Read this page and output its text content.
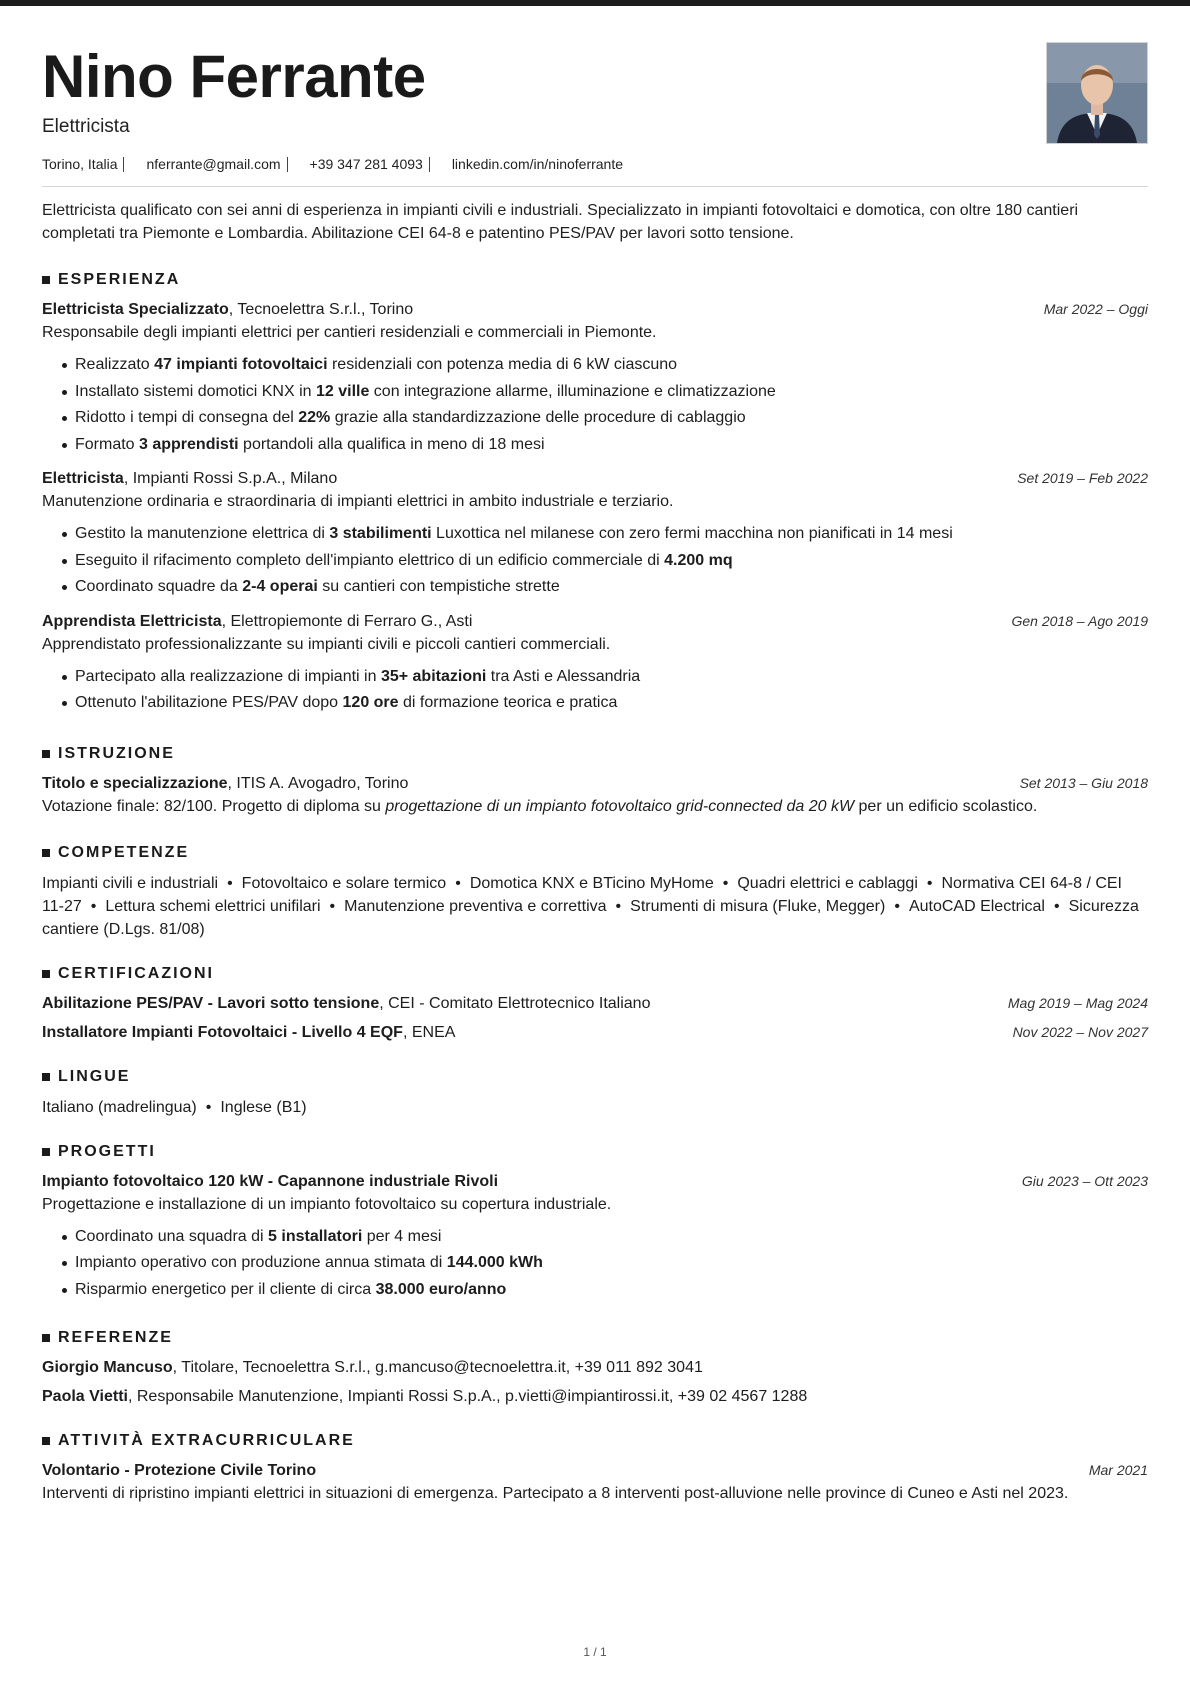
Nino Ferrante
Elettricista
Torino, Italia nferrante@gmail.com +39 347 281 4093 linkedin.com/in/ninoferrante
Elettricista qualificato con sei anni di esperienza in impianti civili e industriali. Specializzato in impianti fotovoltaici e domotica, con oltre 180 cantieri completati tra Piemonte e Lombardia. Abilitazione CEI 64-8 e patentino PES/PAV per lavori sotto tensione.
ESPERIENZA
Elettricista Specializzato, Tecnoelettra S.r.l., Torino	Mar 2022 – Oggi
Responsabile degli impianti elettrici per cantieri residenziali e commerciali in Piemonte.
Realizzato 47 impianti fotovoltaici residenziali con potenza media di 6 kW ciascuno
Installato sistemi domotici KNX in 12 ville con integrazione allarme, illuminazione e climatizzazione
Ridotto i tempi di consegna del 22% grazie alla standardizzazione delle procedure di cablaggio
Formato 3 apprendisti portandoli alla qualifica in meno di 18 mesi
Elettricista, Impianti Rossi S.p.A., Milano	Set 2019 – Feb 2022
Manutenzione ordinaria e straordinaria di impianti elettrici in ambito industriale e terziario.
Gestito la manutenzione elettrica di 3 stabilimenti Luxottica nel milanese con zero fermi macchina non pianificati in 14 mesi
Eseguito il rifacimento completo dell'impianto elettrico di un edificio commerciale di 4.200 mq
Coordinato squadre da 2-4 operai su cantieri con tempistiche strette
Apprendista Elettricista, Elettropiemonte di Ferraro G., Asti	Gen 2018 – Ago 2019
Apprendistato professionalizzante su impianti civili e piccoli cantieri commerciali.
Partecipato alla realizzazione di impianti in 35+ abitazioni tra Asti e Alessandria
Ottenuto l'abilitazione PES/PAV dopo 120 ore di formazione teorica e pratica
ISTRUZIONE
Titolo e specializzazione, ITIS A. Avogadro, Torino	Set 2013 – Giu 2018
Votazione finale: 82/100. Progetto di diploma su progettazione di un impianto fotovoltaico grid-connected da 20 kW per un edificio scolastico.
COMPETENZE
Impianti civili e industriali • Fotovoltaico e solare termico • Domotica KNX e BTicino MyHome • Quadri elettrici e cablaggi • Normativa CEI 64-8 / CEI 11-27 • Lettura schemi elettrici unifilari • Manutenzione preventiva e correttiva • Strumenti di misura (Fluke, Megger) • AutoCAD Electrical • Sicurezza cantiere (D.Lgs. 81/08)
CERTIFICAZIONI
Abilitazione PES/PAV - Lavori sotto tensione, CEI - Comitato Elettrotecnico Italiano	Mag 2019 – Mag 2024
Installatore Impianti Fotovoltaici - Livello 4 EQF, ENEA	Nov 2022 – Nov 2027
LINGUE
Italiano (madrelingua) • Inglese (B1)
PROGETTI
Impianto fotovoltaico 120 kW - Capannone industriale Rivoli	Giu 2023 – Ott 2023
Progettazione e installazione di un impianto fotovoltaico su copertura industriale.
Coordinato una squadra di 5 installatori per 4 mesi
Impianto operativo con produzione annua stimata di 144.000 kWh
Risparmio energetico per il cliente di circa 38.000 euro/anno
REFERENZE
Giorgio Mancuso, Titolare, Tecnoelettra S.r.l., g.mancuso@tecnoelettra.it, +39 011 892 3041
Paola Vietti, Responsabile Manutenzione, Impianti Rossi S.p.A., p.vietti@impiantirossi.it, +39 02 4567 1288
ATTIVITÀ EXTRACURRICULARE
Volontario - Protezione Civile Torino	Mar 2021
Interventi di ripristino impianti elettrici in situazioni di emergenza. Partecipato a 8 interventi post-alluvione nelle province di Cuneo e Asti nel 2023.
1 / 1
